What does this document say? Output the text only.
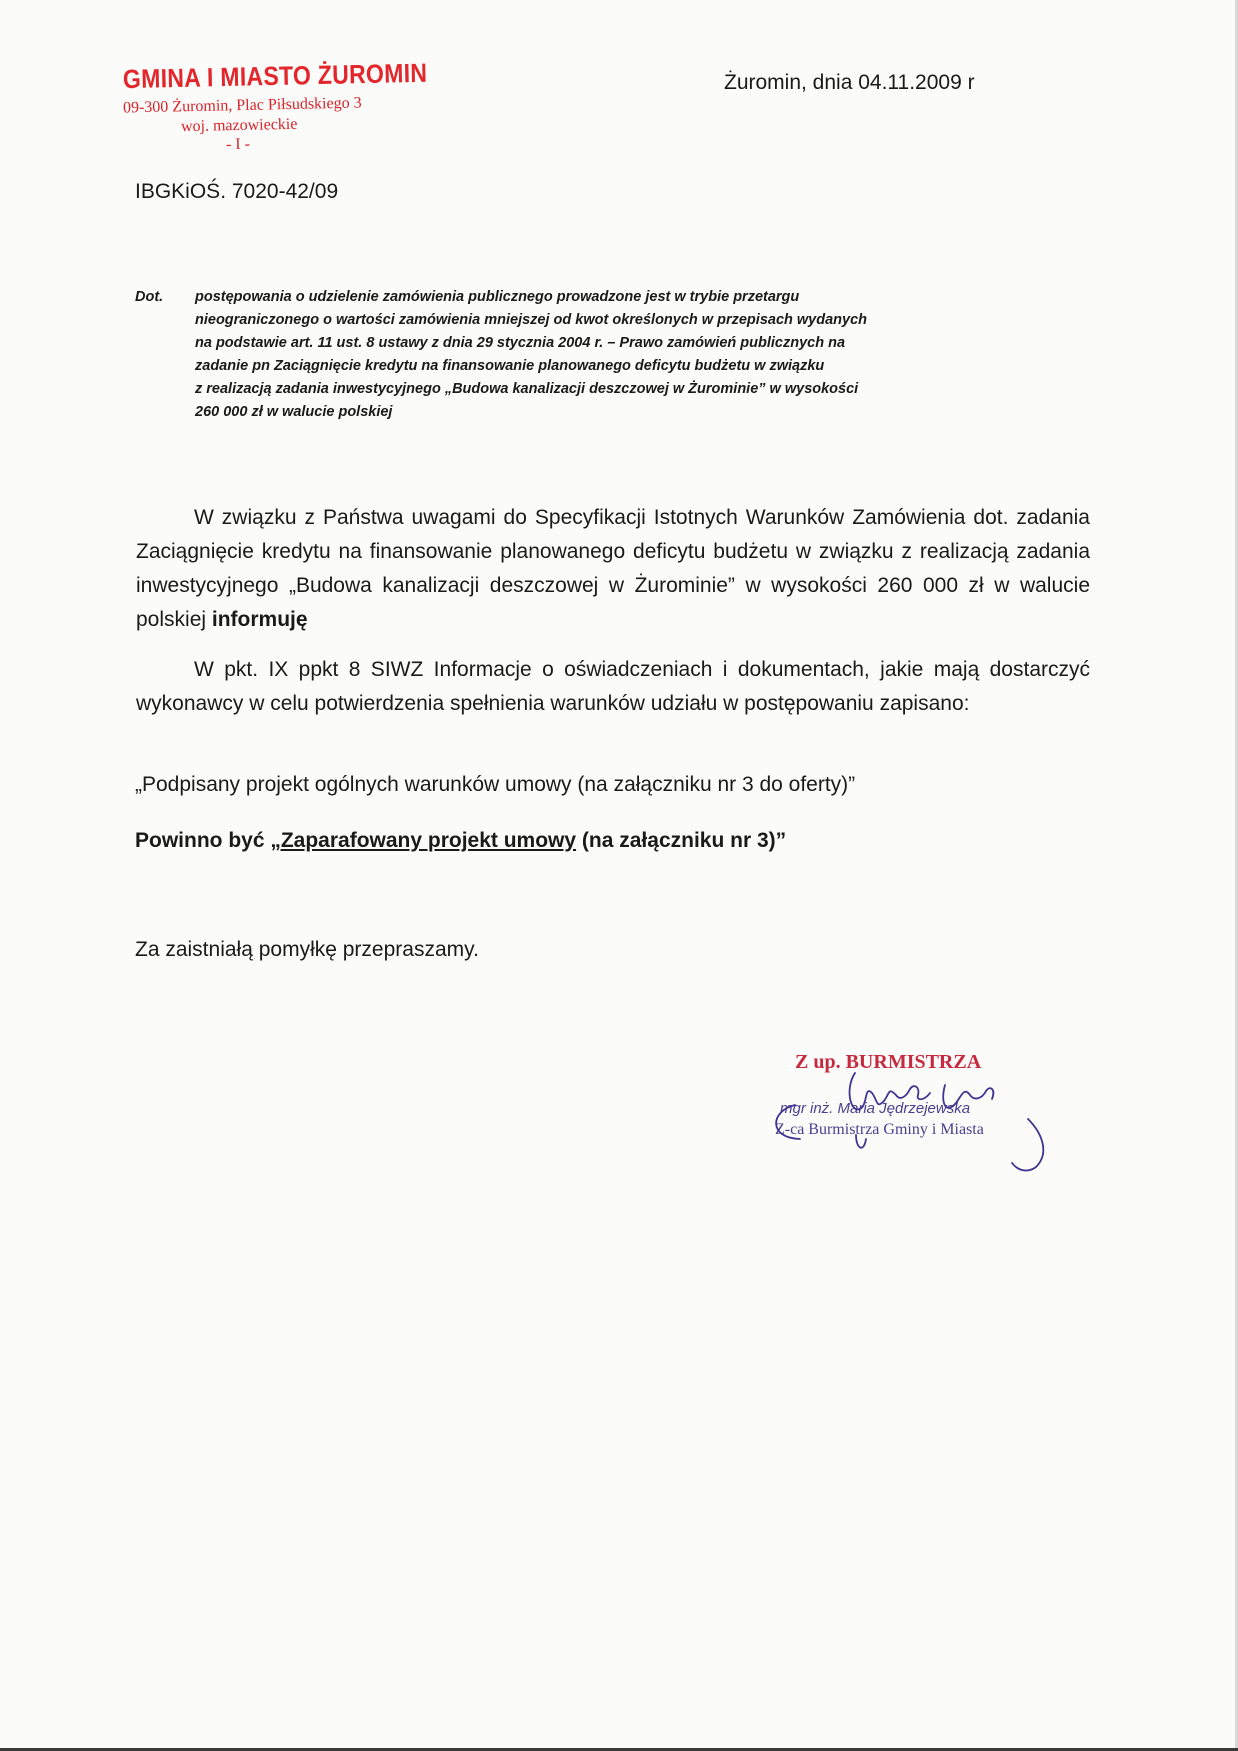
GMINA I MIASTO ŻUROMIN
09-300 Żuromin, Plac Piłsudskiego 3
woj. mazowieckie
- I -
Żuromin, dnia 04.11.2009 r
IBGKiOŚ. 7020-42/09
Dot. postępowania o udzielenie zamówienia publicznego prowadzone jest w trybie przetargu

nieograniczonego o wartości zamówienia mniejszej od kwot określonych w przepisach wydanych

na podstawie art. 11 ust. 8 ustawy z dnia 29 stycznia 2004 r. – Prawo zamówień publicznych na

zadanie pn Zaciągnięcie kredytu na finansowanie planowanego deficytu budżetu w związku

z realizacją zadania inwestycyjnego „Budowa kanalizacji deszczowej w Żurominie” w wysokości

260 000 zł w walucie polskiej

W związku z Państwa uwagami do Specyfikacji Istotnych Warunków Zamówienia dot. zadania Zaciągnięcie kredytu na finansowanie planowanego deficytu budżetu w związku z realizacją zadania inwestycyjnego „Budowa kanalizacji deszczowej w Żurominie” w wysokości 260 000 zł w walucie polskiej informuję

W pkt. IX ppkt 8 SIWZ Informacje o oświadczeniach i dokumentach, jakie mają dostarczyć wykonawcy w celu potwierdzenia spełnienia warunków udziału w postępowaniu zapisano:

„Podpisany projekt ogólnych warunków umowy (na załączniku nr 3 do oferty)”
Powinno być „Zaparafowany projekt umowy (na załączniku nr 3)”
Za zaistniałą pomyłkę przepraszamy.
Z up. BURMISTRZA
mgr inż. Maria Jędrzejewska
Z-ca Burmistrza Gminy i Miasta
